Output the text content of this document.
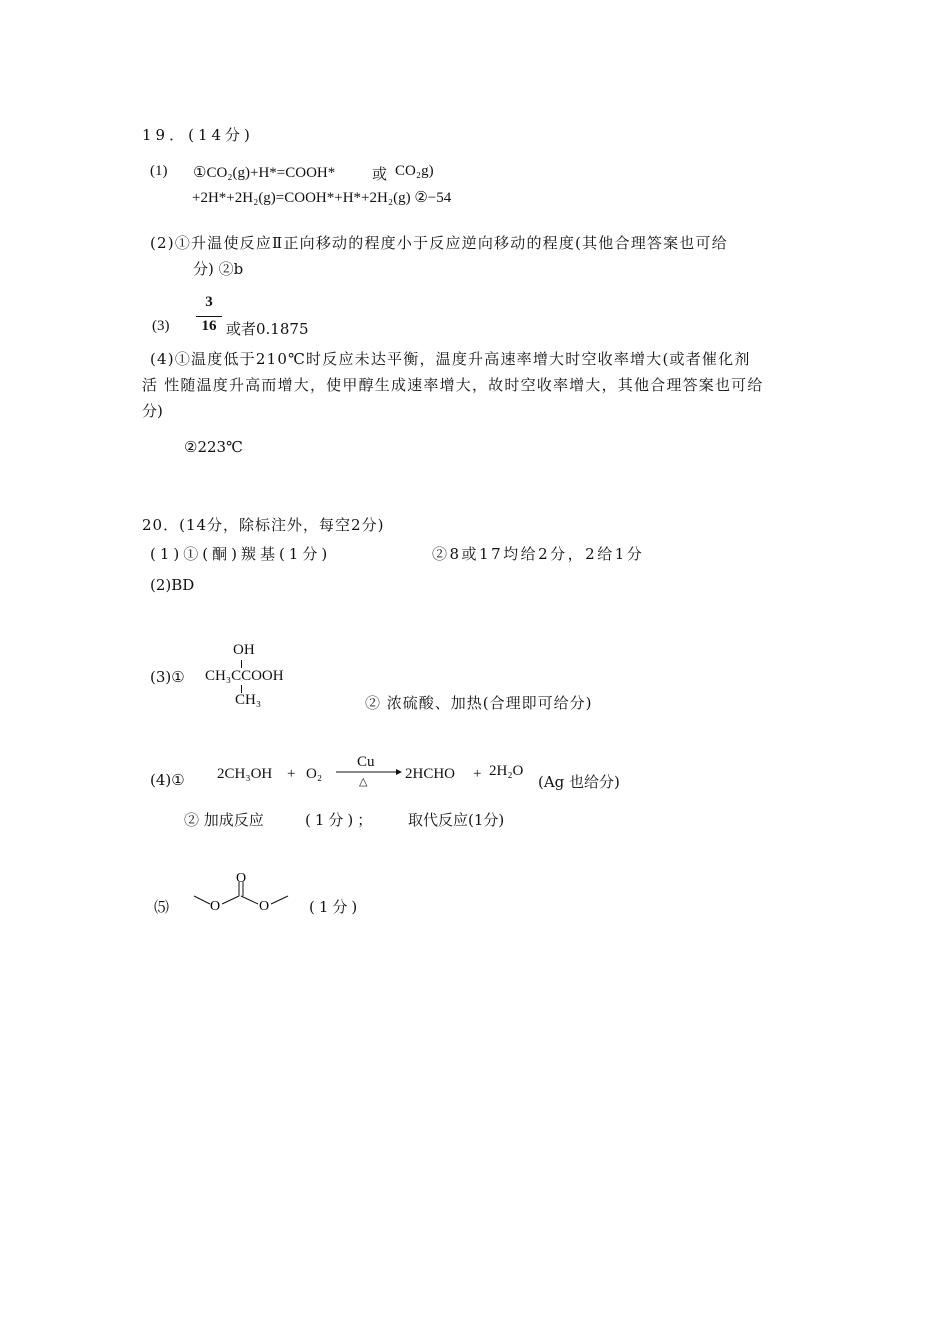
19．(14分)
(1) ①CO₂(g)+H*=COOH* 或 CO₂g)
+2H*+2H₂(g)=COOH*+H*+2H₂(g) ②−54
(2)①升温使反应Ⅱ正向移动的程度小于反应逆向移动的程度(其他合理答案也可给
分) ②b
(3)
3
16 或者0.1875
(4)①温度低于210℃时反应未达平衡，温度升高速率增大时空收率增大(或者催化剂
活 性随温度升高而增大，使甲醇生成速率增大，故时空收率增大，其他合理答案也可给
分)
②223℃
20．(14分，除标注外，每空2分)
(1)①(酮)羰基(1分)	②8或17均给2分，2给1分
(2)BD
(3)①
OH
CH₃CCOOH
CH₃	② 浓硫酸、加热(合理即可给分)
(4)① 2CH₃OH + O₂
Cu
△	2HCHO + 2H₂O
(Ag 也给分)
② 加成反应	(1分)； 取代反应(1分)
⑸	O
O
O	(1分)
